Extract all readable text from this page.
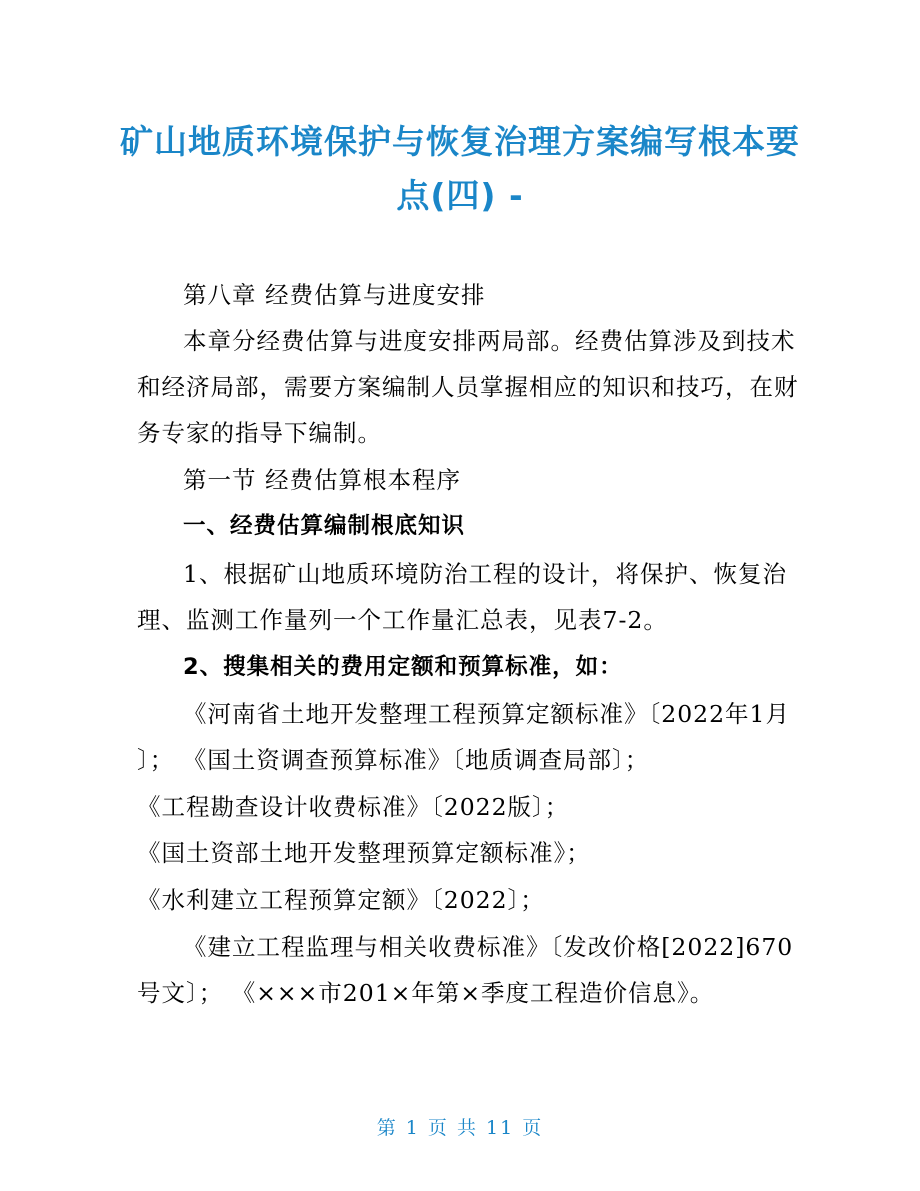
矿山地质环境保护与恢复治理方案编写根本要
点(四) -
第八章 经费估算与进度安排
本章分经费估算与进度安排两局部。经费估算涉及到技术
和经济局部，需要方案编制人员掌握相应的知识和技巧，在财
务专家的指导下编制。
第一节 经费估算根本程序
一、经费估算编制根底知识
1、根据矿山地质环境防治工程的设计，将保护、恢复治
理、监测工作量列一个工作量汇总表，见表7-2。
2、搜集相关的费用定额和预算标准，如：
《河南省土地开发整理工程预算定额标准》〔2022年1月
〕； 《国土资调查预算标准》〔地质调查局部〕；
《工程勘查设计收费标准》〔2022版〕；
《国土资部土地开发整理预算定额标准》；
《水利建立工程预算定额》〔2022〕；
《建立工程监理与相关收费标准》〔发改价格[2022]670
号文〕； 《×××市201×年第×季度工程造价信息》。
第 1 页 共 11 页
